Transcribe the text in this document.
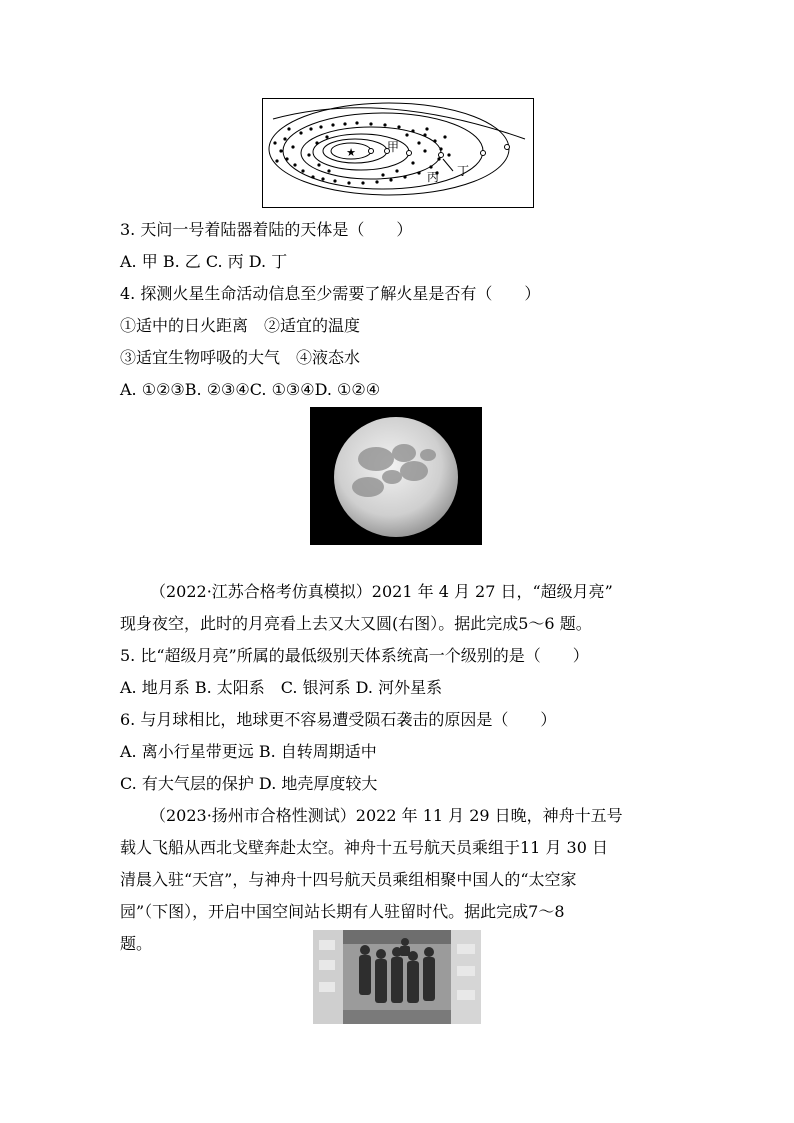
★	甲
丙 丁
3. 天问一号着陆器着陆的天体是（　　）
A. 甲 B. 乙 C. 丙 D. 丁
4. 探测火星生命活动信息至少需要了解火星是否有（　　）
①适中的日火距离　②适宜的温度
③适宜生物呼吸的大气　④液态水
A. ①②③B. ②③④C. ①③④D. ①②④
（2022·江苏合格考仿真模拟）2021 年 4 月 27 日，“超级月亮”
现身夜空，此时的月亮看上去又大又圆(右图）。据此完成5～6 题。
5. 比“超级月亮”所属的最低级别天体系统高一个级别的是（　　）
A. 地月系 B. 太阳系　C. 银河系 D. 河外星系
6. 与月球相比，地球更不容易遭受陨石袭击的原因是（　　）
A. 离小行星带更远 B. 自转周期适中
C. 有大气层的保护 D. 地壳厚度较大
（2023·扬州市合格性测试）2022 年 11 月 29 日晚，神舟十五号
载人飞船从西北戈壁奔赴太空。神舟十五号航天员乘组于11 月 30 日
清晨入驻“天宫”，与神舟十四号航天员乘组相聚中国人的“太空家
园”（下图），开启中国空间站长期有人驻留时代。据此完成7～8
题。
